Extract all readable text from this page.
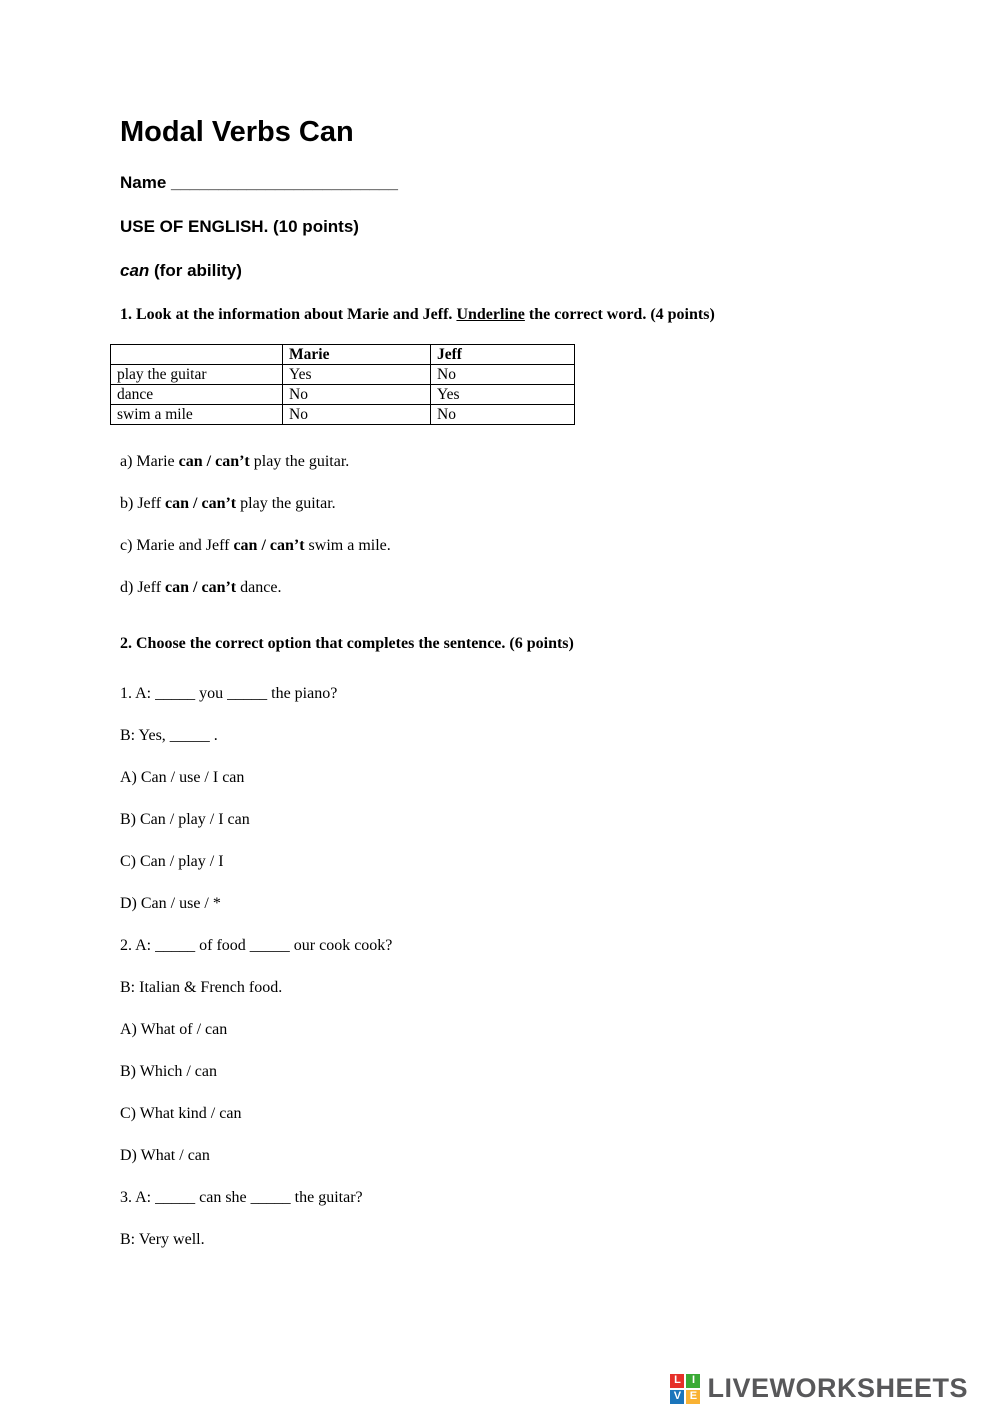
Modal Verbs Can

Name ________________________

USE OF ENGLISH. (10 points)

can (for ability)

1. Look at the information about Marie and Jeff. Underline the correct word. (4 points)

	Marie	Jeff
play the guitar	Yes	No
dance	No	Yes
swim a mile	No	No

a) Marie can / can’t play the guitar.

b) Jeff can / can’t play the guitar.

c) Marie and Jeff can / can’t swim a mile.

d) Jeff can / can’t dance.

2. Choose the correct option that completes the sentence. (6 points)

1. A: _____ you _____ the piano?

B: Yes, _____ .

A) Can / use / I can

B) Can / play / I can

C) Can / play / I

D) Can / use / *

2. A: _____ of food _____ our cook cook?

B: Italian & French food.

A) What of / can

B) Which / can

C) What kind / can

D) What / can

3. A: _____ can she _____ the guitar?

B: Very well.

L	I
V E LIVEWORKSHEETS
